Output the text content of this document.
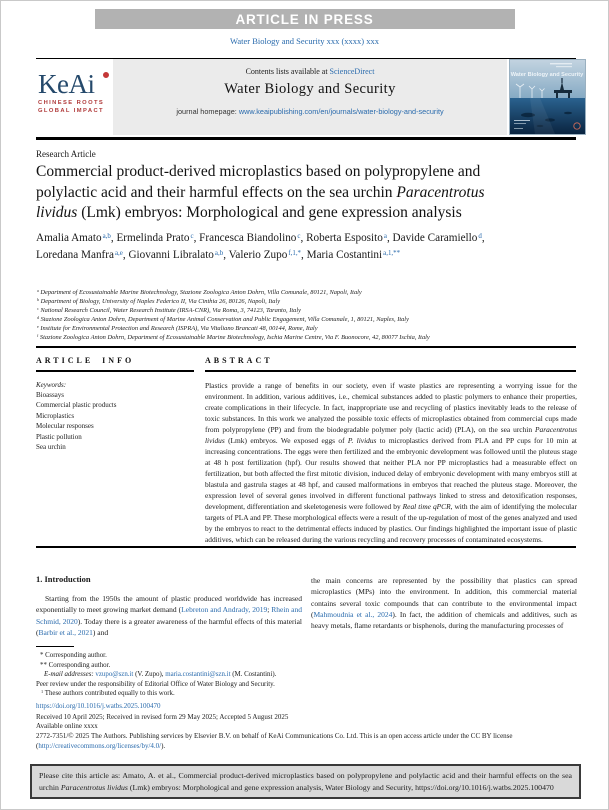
ARTICLE IN PRESS
Water Biology and Security xxx (xxxx) xxx
KeAi
CHINESE ROOTS
GLOBAL IMPACT
Contents lists available at ScienceDirect
Water Biology and Security
journal homepage: www.keaipublishing.com/en/journals/water-biology-and-security
Water Biology and Security
Research Article
Commercial product-derived microplastics based on polypropylene and polylactic acid and their harmful effects on the sea urchin Paracentrotus lividus (Lmk) embryos: Morphological and gene expression analysis
Amalia Amato$^{a,b}$, Ermelinda Prato$^c$, Francesca Biandolino$^c$, Roberta Esposito$^a$, Davide Caramiello$^d$, Loredana Manfra$^{a,e}$, Giovanni Libralato$^{a,b}$, Valerio Zupo$^{f,1,*}$, Maria Costantini$^{a,1,**}$
$^a$ Department of Ecosustainable Marine Biotechnology, Stazione Zoologica Anton Dohrn, Villa Comunale, 80121, Napoli, Italy
$^b$ Department of Biology, University of Naples Federico II, Via Cinthia 26, 80126, Napoli, Italy
$^c$ National Research Council, Water Research Institute (IRSA-CNR), Via Roma, 3, 74123, Taranto, Italy
$^d$ Stazione Zoologica Anton Dohrn, Department of Marine Animal Conservation and Public Engagement, Villa Comunale, 1, 80121, Naples, Italy
$^e$ Institute for Environmental Protection and Research (ISPRA), Via Vitaliano Brancati 48, 00144, Rome, Italy
$^f$ Stazione Zoologica Anton Dohrn, Department of Ecosustainable Marine Biotechnology, Ischia Marine Centre, Via F. Buonocore, 42, 80077 Ischia, Italy
ARTICLE INFO
Keywords:
Bioassays
Commercial plastic products
Microplastics
Molecular responses
Plastic pollution
Sea urchin
ABSTRACT
Plastics provide a range of benefits in our society, even if waste plastics are representing a worrying issue for the environment. In addition, various additives, i.e., chemical substances added to plastic polymers to enhance their properties, create complications in their lifecycle. In fact, inappropriate use and recycling of plastics inevitably leads to the release of toxic substances. In this work we analyzed the possible toxic effects of microplastics obtained from commercial cups made from polypropylene (PP) and from the biodegradable polymer poly (lactic acid) (PLA), on the sea urchin Paracentrotus lividus (Lmk) embryos. We exposed eggs of P. lividus to microplastics derived from PLA and PP cups for 10 min at increasing concentrations. The eggs were then fertilized and the embryonic development was followed until the pluteus stage at 48 h post fertilization (hpf). Our results showed that neither PLA nor PP microplastics had a measurable effect on fertilization, but both affected the first mitotic division, induced delay of embryonic development with many embryos still at blastula and gastrula stages at 48 hpf, and caused malformations in embryos that reached the pluteus stage. Moreover, the expression level of several genes involved in different functional pathways linked to stress and detoxification responses, development, differentiation and skeletogenesis were followed by Real time qPCR, with the aim of identifying the molecular targets of PLA and PP. These morphological effects were a result of the up-regulation of most of the genes analyzed and used by the embryos to react to the detrimental effects induced by plastics. Our findings highlighted the important issue of plastic additives, which can be released during the various recycling and recovery processes of contaminated ecosystems.
1. Introduction
Starting from the 1950s the amount of plastic produced worldwide has increased exponentially to meet growing market demand (Lebreton and Andrady, 2019; Rhein and Schmid, 2020). Today there is a greater awareness of the harmful effects of this material (Barbir et al., 2021) and
the main concerns are represented by the possibility that plastics can spread microplastics (MPs) into the environment. In addition, this commercial material contains several toxic compounds that can contribute to the environmental impact (Mahmoudnia et al., 2024). In fact, the addition of chemicals and additives, such as heavy metals, flame retardants or bisphenols, during the manufacturing processes of
* Corresponding author.
** Corresponding author.
E-mail addresses: vzupo@szn.it (V. Zupo), maria.costantini@szn.it (M. Costantini).
Peer review under the responsibility of Editorial Office of Water Biology and Security.
$^1$ These authors contributed equally to this work.
https://doi.org/10.1016/j.watbs.2025.100470
Received 10 April 2025; Received in revised form 29 May 2025; Accepted 5 August 2025
Available online xxxx
2772-7351/© 2025 The Authors. Publishing services by Elsevier B.V. on behalf of KeAi Communications Co. Ltd. This is an open access article under the CC BY license (http://creativecommons.org/licenses/by/4.0/).
Please cite this article as: Amato, A. et al., Commercial product-derived microplastics based on polypropylene and polylactic acid and their harmful effects on the sea urchin Paracentrotus lividus (Lmk) embryos: Morphological and gene expression analysis, Water Biology and Security, https://doi.org/10.1016/j.watbs.2025.100470
